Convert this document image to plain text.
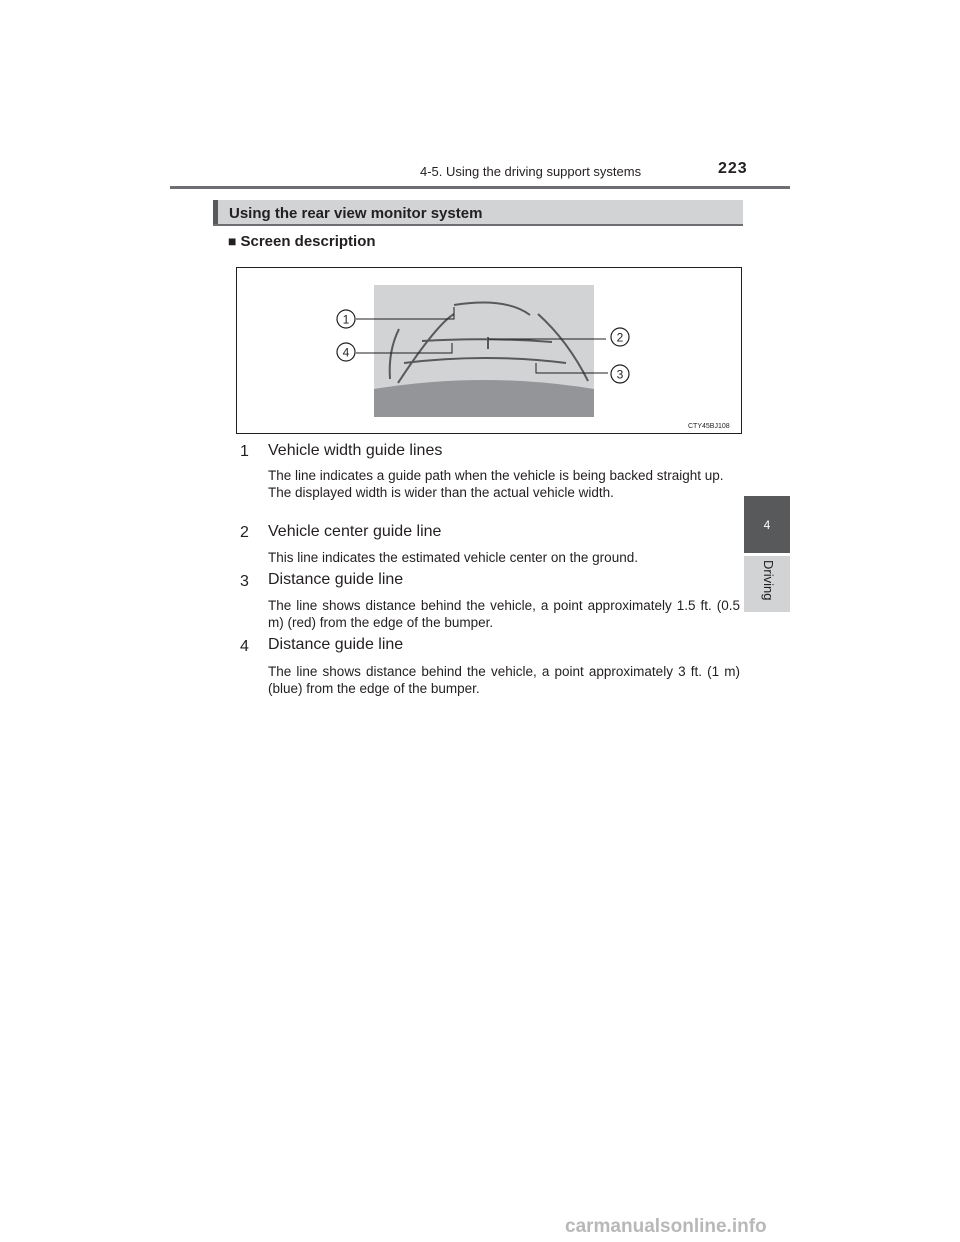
4-5. Using the driving support systems	223
4
Driving
Using the rear view monitor system
■ Screen description
1
2
3
4
CTY45BJ108
1	Vehicle width guide lines

The line indicates a guide path when the vehicle is being backed straight up.

The displayed width is wider than the actual vehicle width.

2	Vehicle center guide line

This line indicates the estimated vehicle center on the ground.

3	Distance guide line

The line shows distance behind the vehicle, a point approximately 1.5 ft. (0.5 m) (red) from the edge of the bumper.

4	Distance guide line

The line shows distance behind the vehicle, a point approximately 3 ft. (1 m) (blue) from the edge of the bumper.

carmanualsonline.info
